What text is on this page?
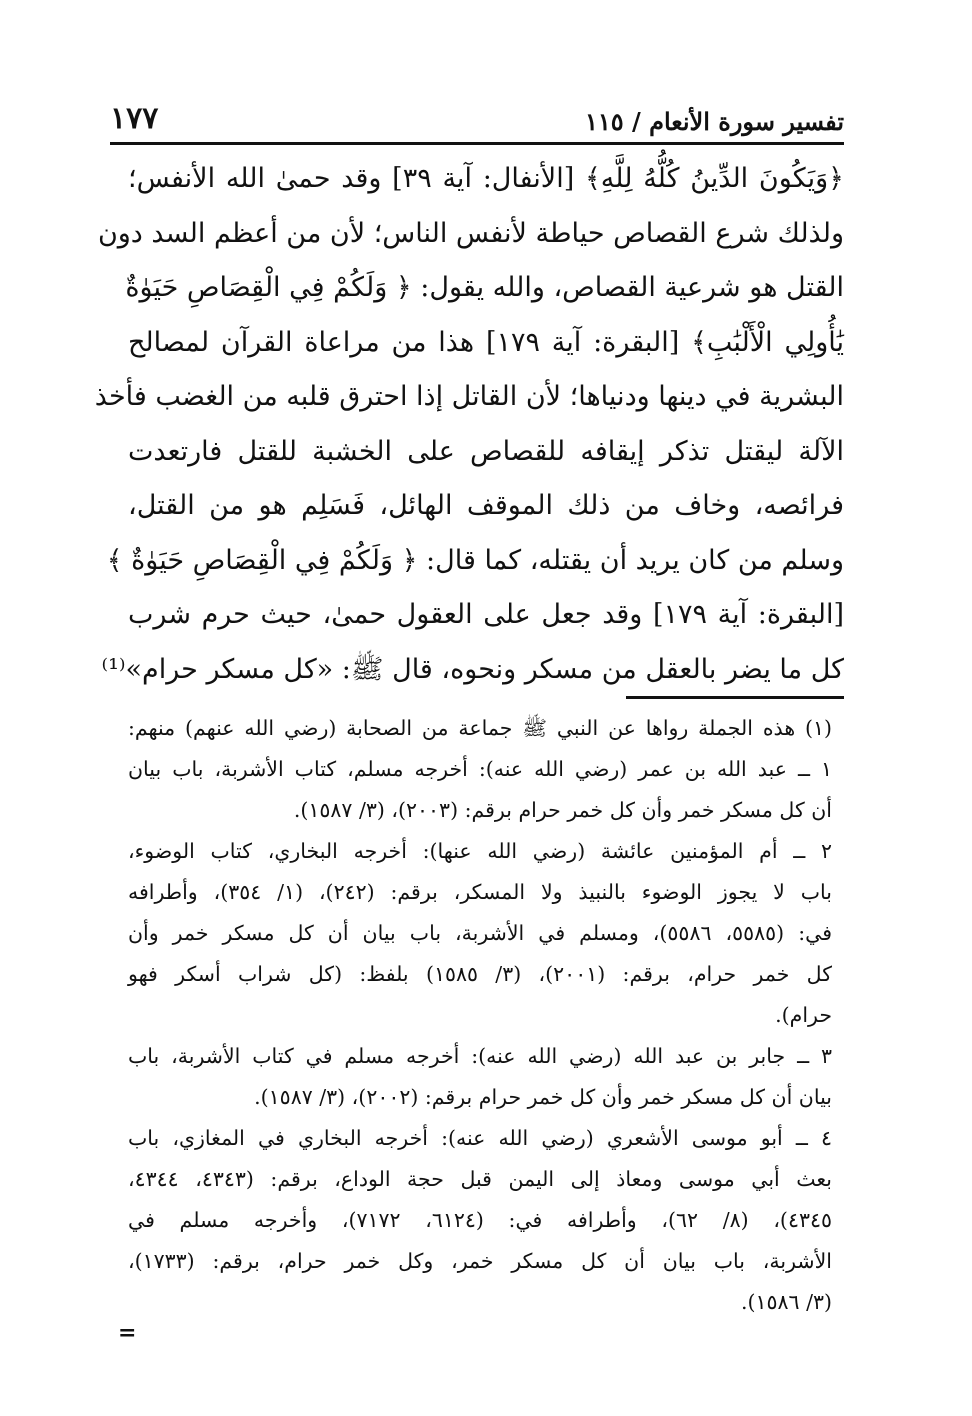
تفسير سورة الأنعام / ١١٥
١٧٧
﴿وَيَكُونَ الدِّينُ كُلُّهُ لِلَّهِ﴾ [الأنفال: آية ٣٩] وقد حمىٰ الله الأنفس؛
ولذلك شرع القصاص حياطة لأنفس الناس؛ لأن من أعظم السد دون
القتل هو شرعية القصاص، والله يقول: ﴿ وَلَكُمْ فِي الْقِصَاصِ حَيَوٰةٌ
يَٰأُولِي الْأَلْبَٰبِ﴾ [البقرة: آية ١٧٩] هذا من مراعاة القرآن لمصالح
البشرية في دينها ودنياها؛ لأن القاتل إذا احترق قلبه من الغضب فأخذ
الآلة ليقتل تذكر إيقافه للقصاص على الخشبة للقتل فارتعدت
فرائصه، وخاف من ذلك الموقف الهائل، فَسَلِم هو من القتل،
وسلم من كان يريد أن يقتله، كما قال: ﴿ وَلَكُمْ فِي الْقِصَاصِ حَيَوٰةٌ ﴾
[البقرة: آية ١٧٩] وقد جعل على العقول حمىٰ، حيث حرم شرب
كل ما يضر بالعقل من مسكر ونحوه، قال ﷺ: «كل مسكر حرام»⁽¹⁾
(١) هذه الجملة رواها عن النبي ﷺ جماعة من الصحابة (رضي الله عنهم) منهم:
١ ــ عبد الله بن عمر (رضي الله عنه): أخرجه مسلم، كتاب الأشربة، باب بيان
أن كل مسكر خمر وأن كل خمر حرام برقم: (٢٠٠٣)، (٣/ ١٥٨٧).
٢ ــ أم المؤمنين عائشة (رضي الله عنها): أخرجه البخاري، كتاب الوضوء،
باب لا يجوز الوضوء بالنبيذ ولا المسكر، برقم: (٢٤٢)، (١/ ٣٥٤)، وأطرافه
في: (٥٥٨٥، ٥٥٨٦)، ومسلم في الأشربة، باب بيان أن كل مسكر خمر وأن
كل خمر حرام، برقم: (٢٠٠١)، (٣/ ١٥٨٥) بلفظ: (كل شراب أسكر فهو
حرام).
٣ ــ جابر بن عبد الله (رضي الله عنه): أخرجه مسلم في كتاب الأشربة، باب
بيان أن كل مسكر خمر وأن كل خمر حرام برقم: (٢٠٠٢)، (٣/ ١٥٨٧).
٤ ــ أبو موسى الأشعري (رضي الله عنه): أخرجه البخاري في المغازي، باب
بعث أبي موسى ومعاذ إلى اليمن قبل حجة الوداع، برقم: (٤٣٤٣، ٤٣٤٤،
٤٣٤٥)، (٨/ ٦٢)، وأطرافه في: (٦١٢٤، ٧١٧٢)، وأخرجه مسلم في
الأشربة، باب بيان أن كل مسكر خمر، وكل خمر حرام، برقم: (١٧٣٣)،
(٣/ ١٥٨٦).
=
